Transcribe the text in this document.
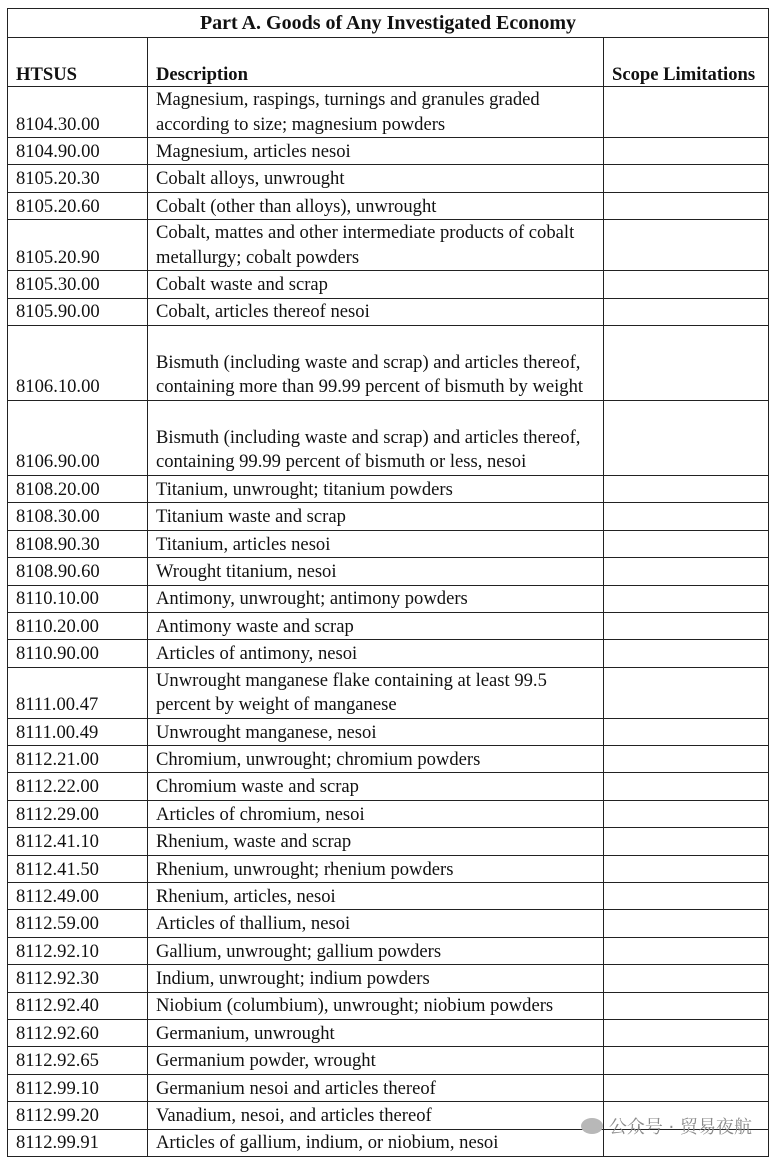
Part A. Goods of Any Investigated Economy		
HTSUS	Description	Scope Limitations
8104.30.00	Magnesium, raspings, turnings and granules graded according to size; magnesium powders	
8104.90.00	Magnesium, articles nesoi	
8105.20.30	Cobalt alloys, unwrought	
8105.20.60	Cobalt (other than alloys), unwrought	
8105.20.90	Cobalt, mattes and other intermediate products of cobalt metallurgy; cobalt powders	
8105.30.00	Cobalt waste and scrap	
8105.90.00	Cobalt, articles thereof nesoi	
8106.10.00	Bismuth (including waste and scrap) and articles thereof, containing more than 99.99 percent of bismuth by weight	
8106.90.00	Bismuth (including waste and scrap) and articles thereof, containing 99.99 percent of bismuth or less, nesoi	
8108.20.00	Titanium, unwrought; titanium powders	
8108.30.00	Titanium waste and scrap	
8108.90.30	Titanium, articles nesoi	
8108.90.60	Wrought titanium, nesoi	
8110.10.00	Antimony, unwrought; antimony powders	
8110.20.00	Antimony waste and scrap	
8110.90.00	Articles of antimony, nesoi	
8111.00.47	Unwrought manganese flake containing at least 99.5 percent by weight of manganese	
8111.00.49	Unwrought manganese, nesoi	
8112.21.00	Chromium, unwrought; chromium powders	
8112.22.00	Chromium waste and scrap	
8112.29.00	Articles of chromium, nesoi	
8112.41.10	Rhenium, waste and scrap	
8112.41.50	Rhenium, unwrought; rhenium powders	
8112.49.00	Rhenium, articles, nesoi	
8112.59.00	Articles of thallium, nesoi	
8112.92.10	Gallium, unwrought; gallium powders	
8112.92.30	Indium, unwrought; indium powders	
8112.92.40	Niobium (columbium), unwrought; niobium powders	
8112.92.60	Germanium, unwrought	
8112.92.65	Germanium powder, wrought	
8112.99.10	Germanium nesoi and articles thereof	
8112.99.20	Vanadium, nesoi, and articles thereof	
8112.99.91	Articles of gallium, indium, or niobium, nesoi	
公众号 · 贸易夜航
